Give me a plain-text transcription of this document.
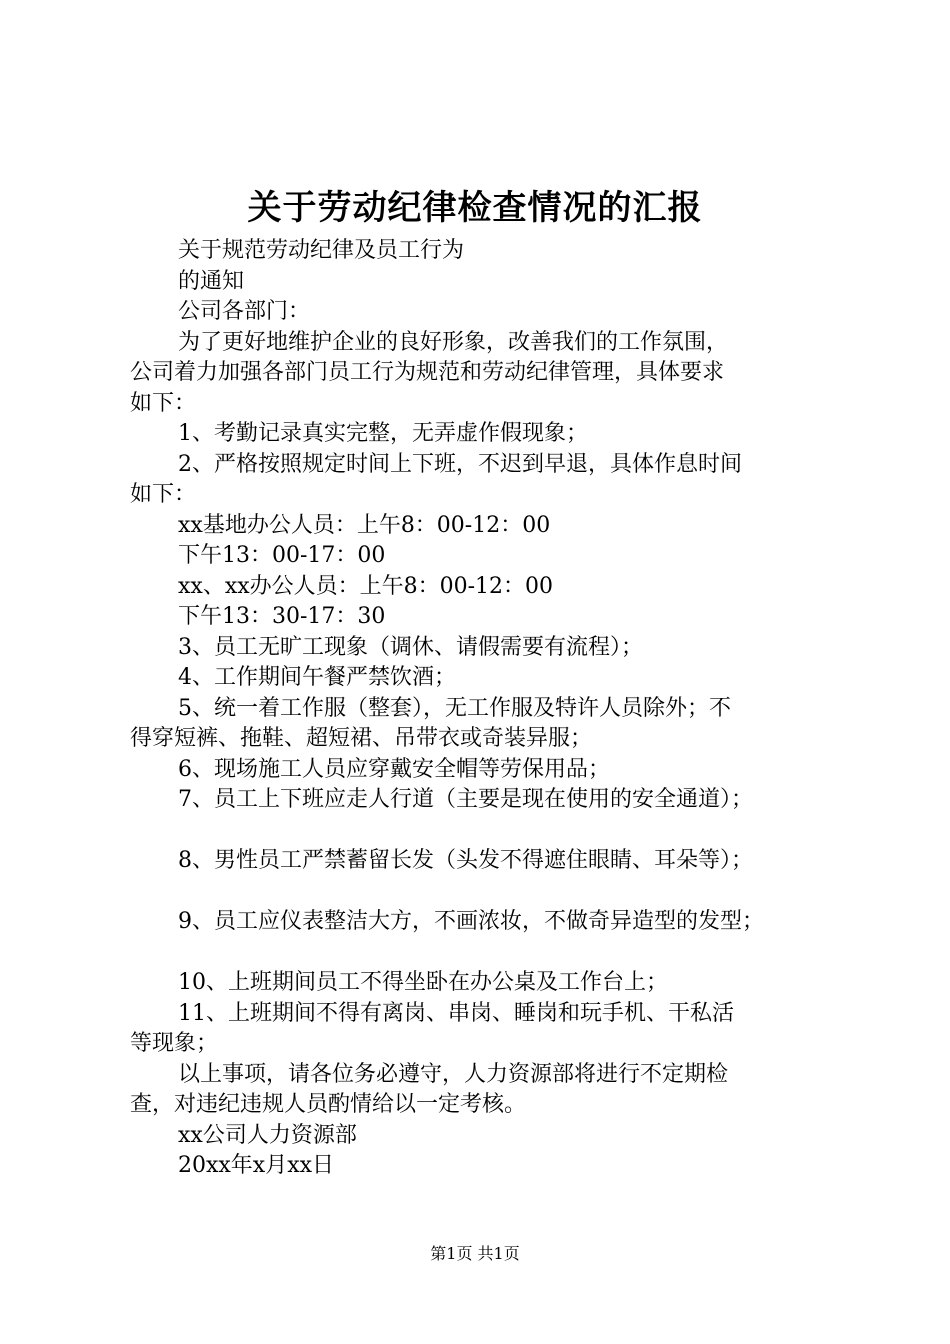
关于劳动纪律检查情况的汇报

关于规范劳动纪律及员工行为

的通知

公司各部门：

为了更好地维护企业的良好形象，改善我们的工作氛围，

公司着力加强各部门员工行为规范和劳动纪律管理，具体要求

如下：

1、考勤记录真实完整，无弄虚作假现象；

2、严格按照规定时间上下班，不迟到早退，具体作息时间

如下：

xx基地办公人员：上午8：00-12：00

下午13：00-17：00

xx、xx办公人员：上午8：00-12：00

下午13：30-17：30

3、员工无旷工现象（调休、请假需要有流程）；

4、工作期间午餐严禁饮酒；

5、统一着工作服（整套），无工作服及特许人员除外；不

得穿短裤、拖鞋、超短裙、吊带衣或奇装异服；

6、现场施工人员应穿戴安全帽等劳保用品；

7、员工上下班应走人行道（主要是现在使用的安全通道）；

8、男性员工严禁蓄留长发（头发不得遮住眼睛、耳朵等）；

9、员工应仪表整洁大方，不画浓妆，不做奇异造型的发型；

10、上班期间员工不得坐卧在办公桌及工作台上；

11、上班期间不得有离岗、串岗、睡岗和玩手机、干私活

等现象；

以上事项，请各位务必遵守，人力资源部将进行不定期检

查，对违纪违规人员酌情给以一定考核。

xx公司人力资源部

20xx年x月xx日

第1页 共1页
